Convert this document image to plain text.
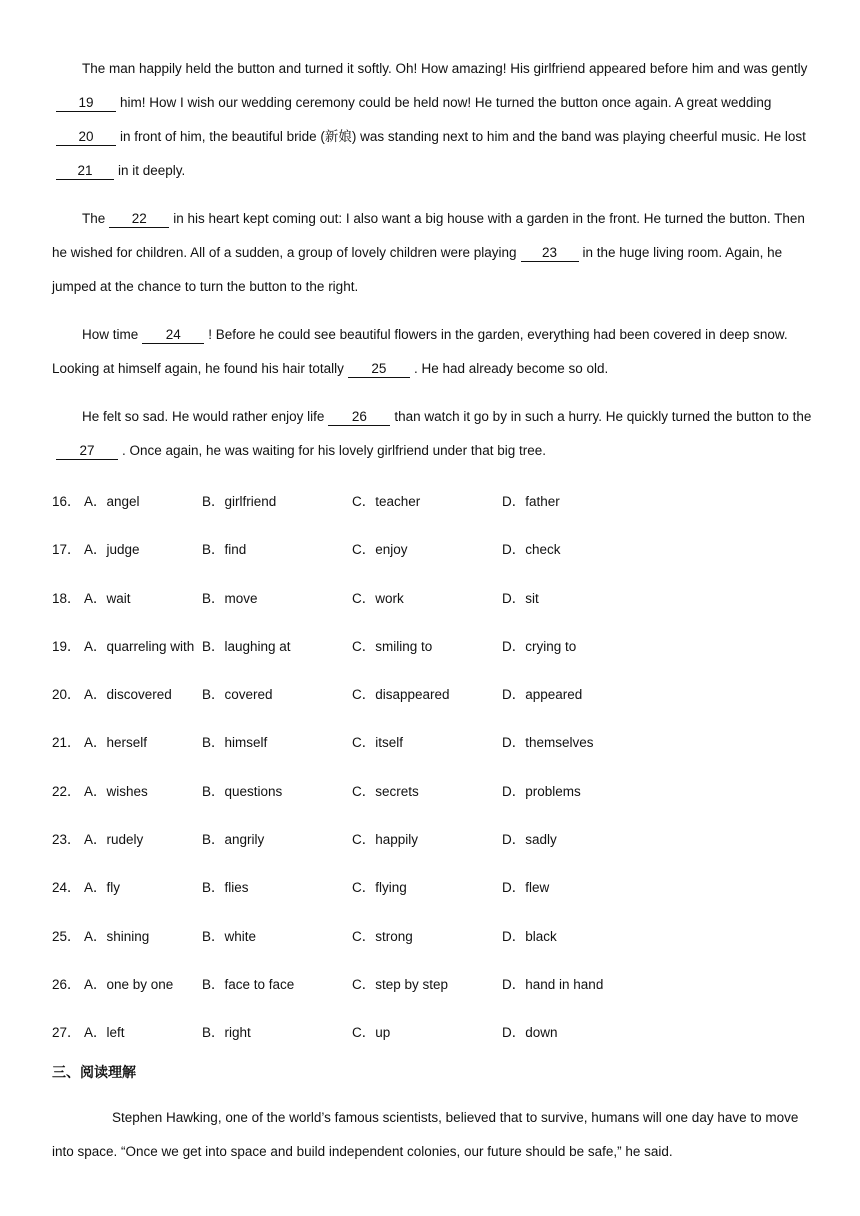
The man happily held the button and turned it softly. Oh! How amazing! His girlfriend appeared before him and was gently19 him! How I wish our wedding ceremony could be held now! He turned the button once again. A great wedding20 in front of him, the beautiful bride (新娘) was standing next to him and the band was playing cheerful music. He lost21 in it deeply.

The 22 in his heart kept coming out: I also want a big house with a garden in the front. He turned the button. Then he wished for children. All of a sudden, a group of lovely children were playing 23 in the huge living room. Again, he jumped at the chance to turn the button to the right.

How time 24 ! Before he could see beautiful flowers in the garden, everything had been covered in deep snow. Looking at himself again, he found his hair totally 25 . He had already become so old.

He felt so sad. He would rather enjoy life 26 than watch it go by in such a hurry. He quickly turned the button to the27 . Once again, he was waiting for his lovely girlfriend under that big tree.

16． A．angel	B．girlfriend	C．teacher	D．father
17． A．judge	B．find	C．enjoy	D．check
18． A．wait	B．move	C．work	D．sit
19． A．quarreling with B．laughing at	C．smiling to	D．crying to
20． A．discovered B．covered	C．disappeared	D．appeared
21． A．herself	B．himself	C．itself	D．themselves
22． A．wishes	B．questions	C．secrets	D．problems
23． A．rudely	B．angrily	C．happily	D．sadly
24． A．fly	B．flies	C．flying	D．flew
25． A．shining	B．white	C．strong	D．black
26． A．one by one B．face to face	C．step by step	D．hand in hand
27． A．left	B．right	C．up	D．down
三、阅读理解

Stephen Hawking, one of the world’s famous scientists, believed that to survive, humans will one day have to move into space. “Once we get into space and build independent colonies, our future should be safe,” he said.
